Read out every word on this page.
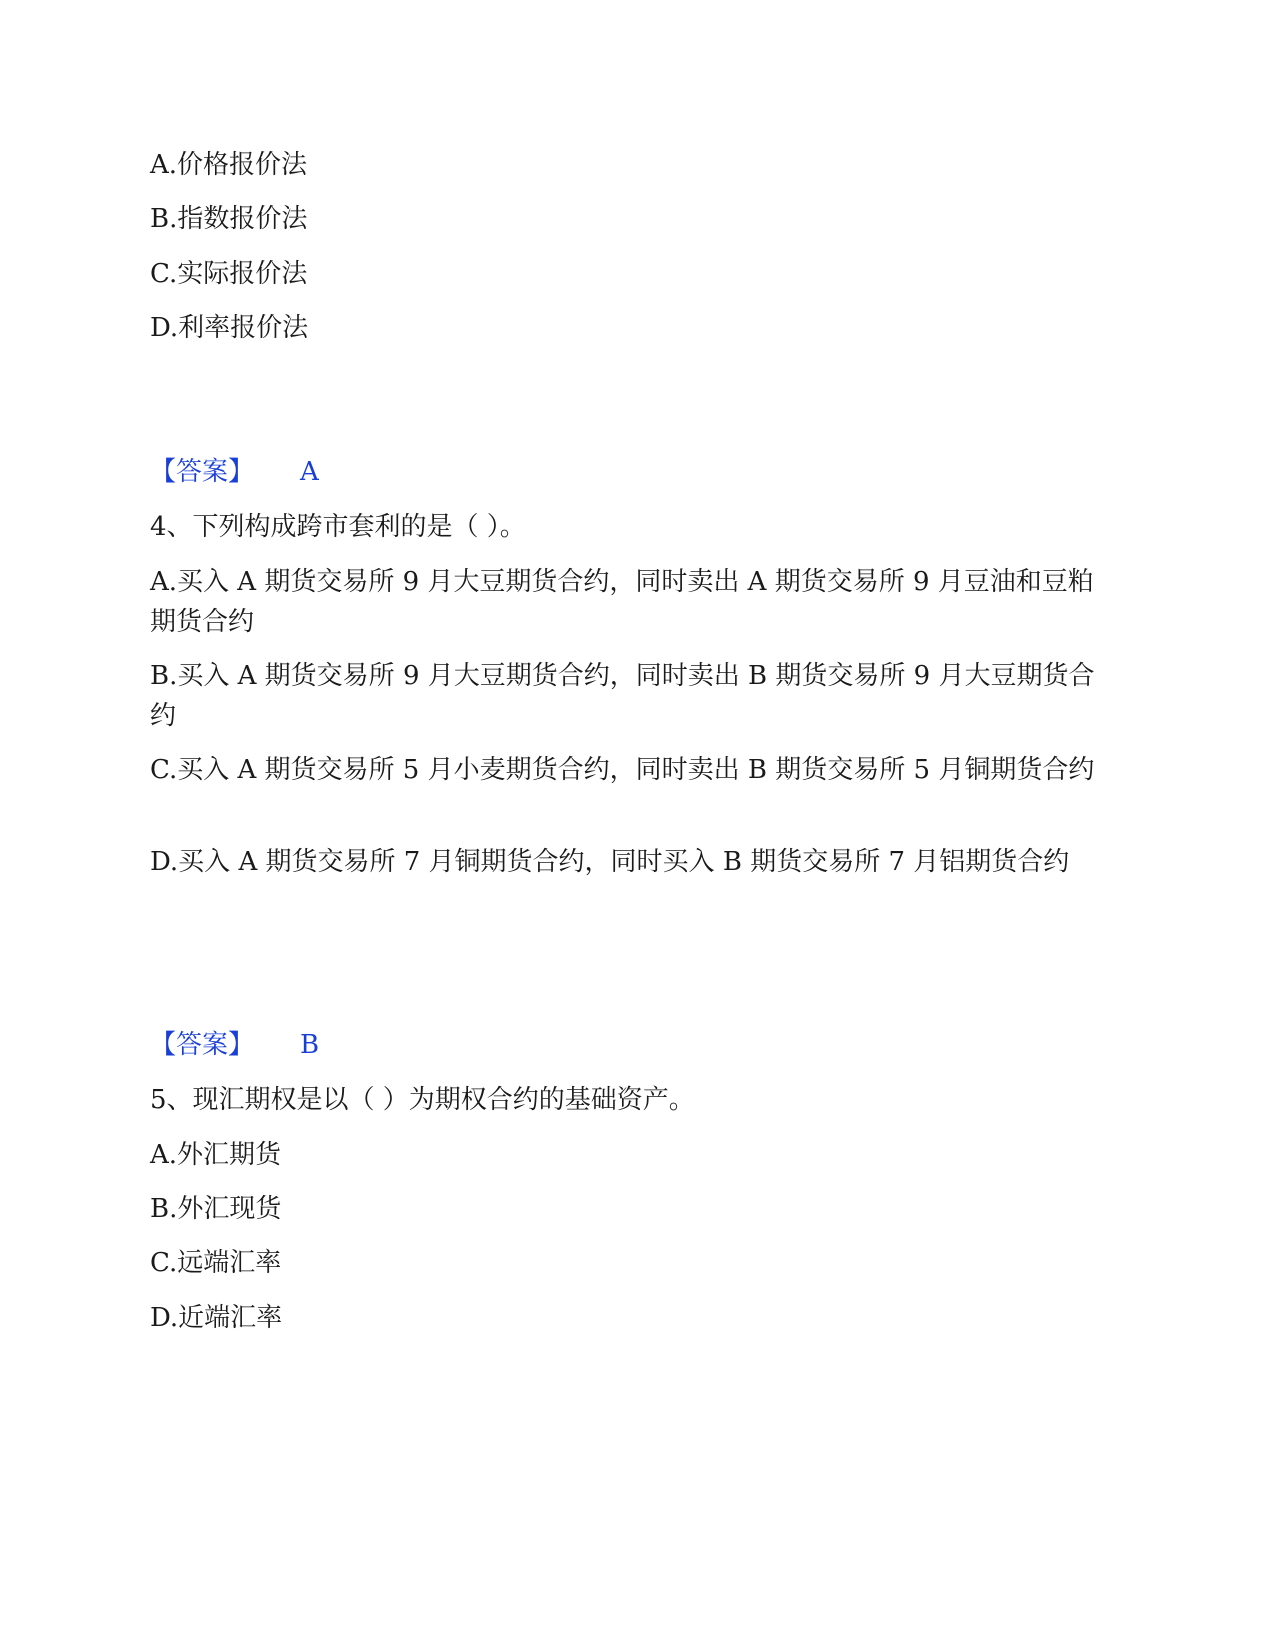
A.价格报价法
B.指数报价法
C.实际报价法
D.利率报价法
【答案】 A
4、下列构成跨市套利的是（ ）。
A.买入 A 期货交易所 9 月大豆期货合约，同时卖出 A 期货交易所 9 月豆油和豆粕期货合约
B.买入 A 期货交易所 9 月大豆期货合约，同时卖出 B 期货交易所 9 月大豆期货合约
C.买入 A 期货交易所 5 月小麦期货合约，同时卖出 B 期货交易所 5 月铜期货合约
D.买入 A 期货交易所 7 月铜期货合约，同时买入 B 期货交易所 7 月铝期货合约
【答案】 B
5、现汇期权是以（ ）为期权合约的基础资产。
A.外汇期货
B.外汇现货
C.远端汇率
D.近端汇率
